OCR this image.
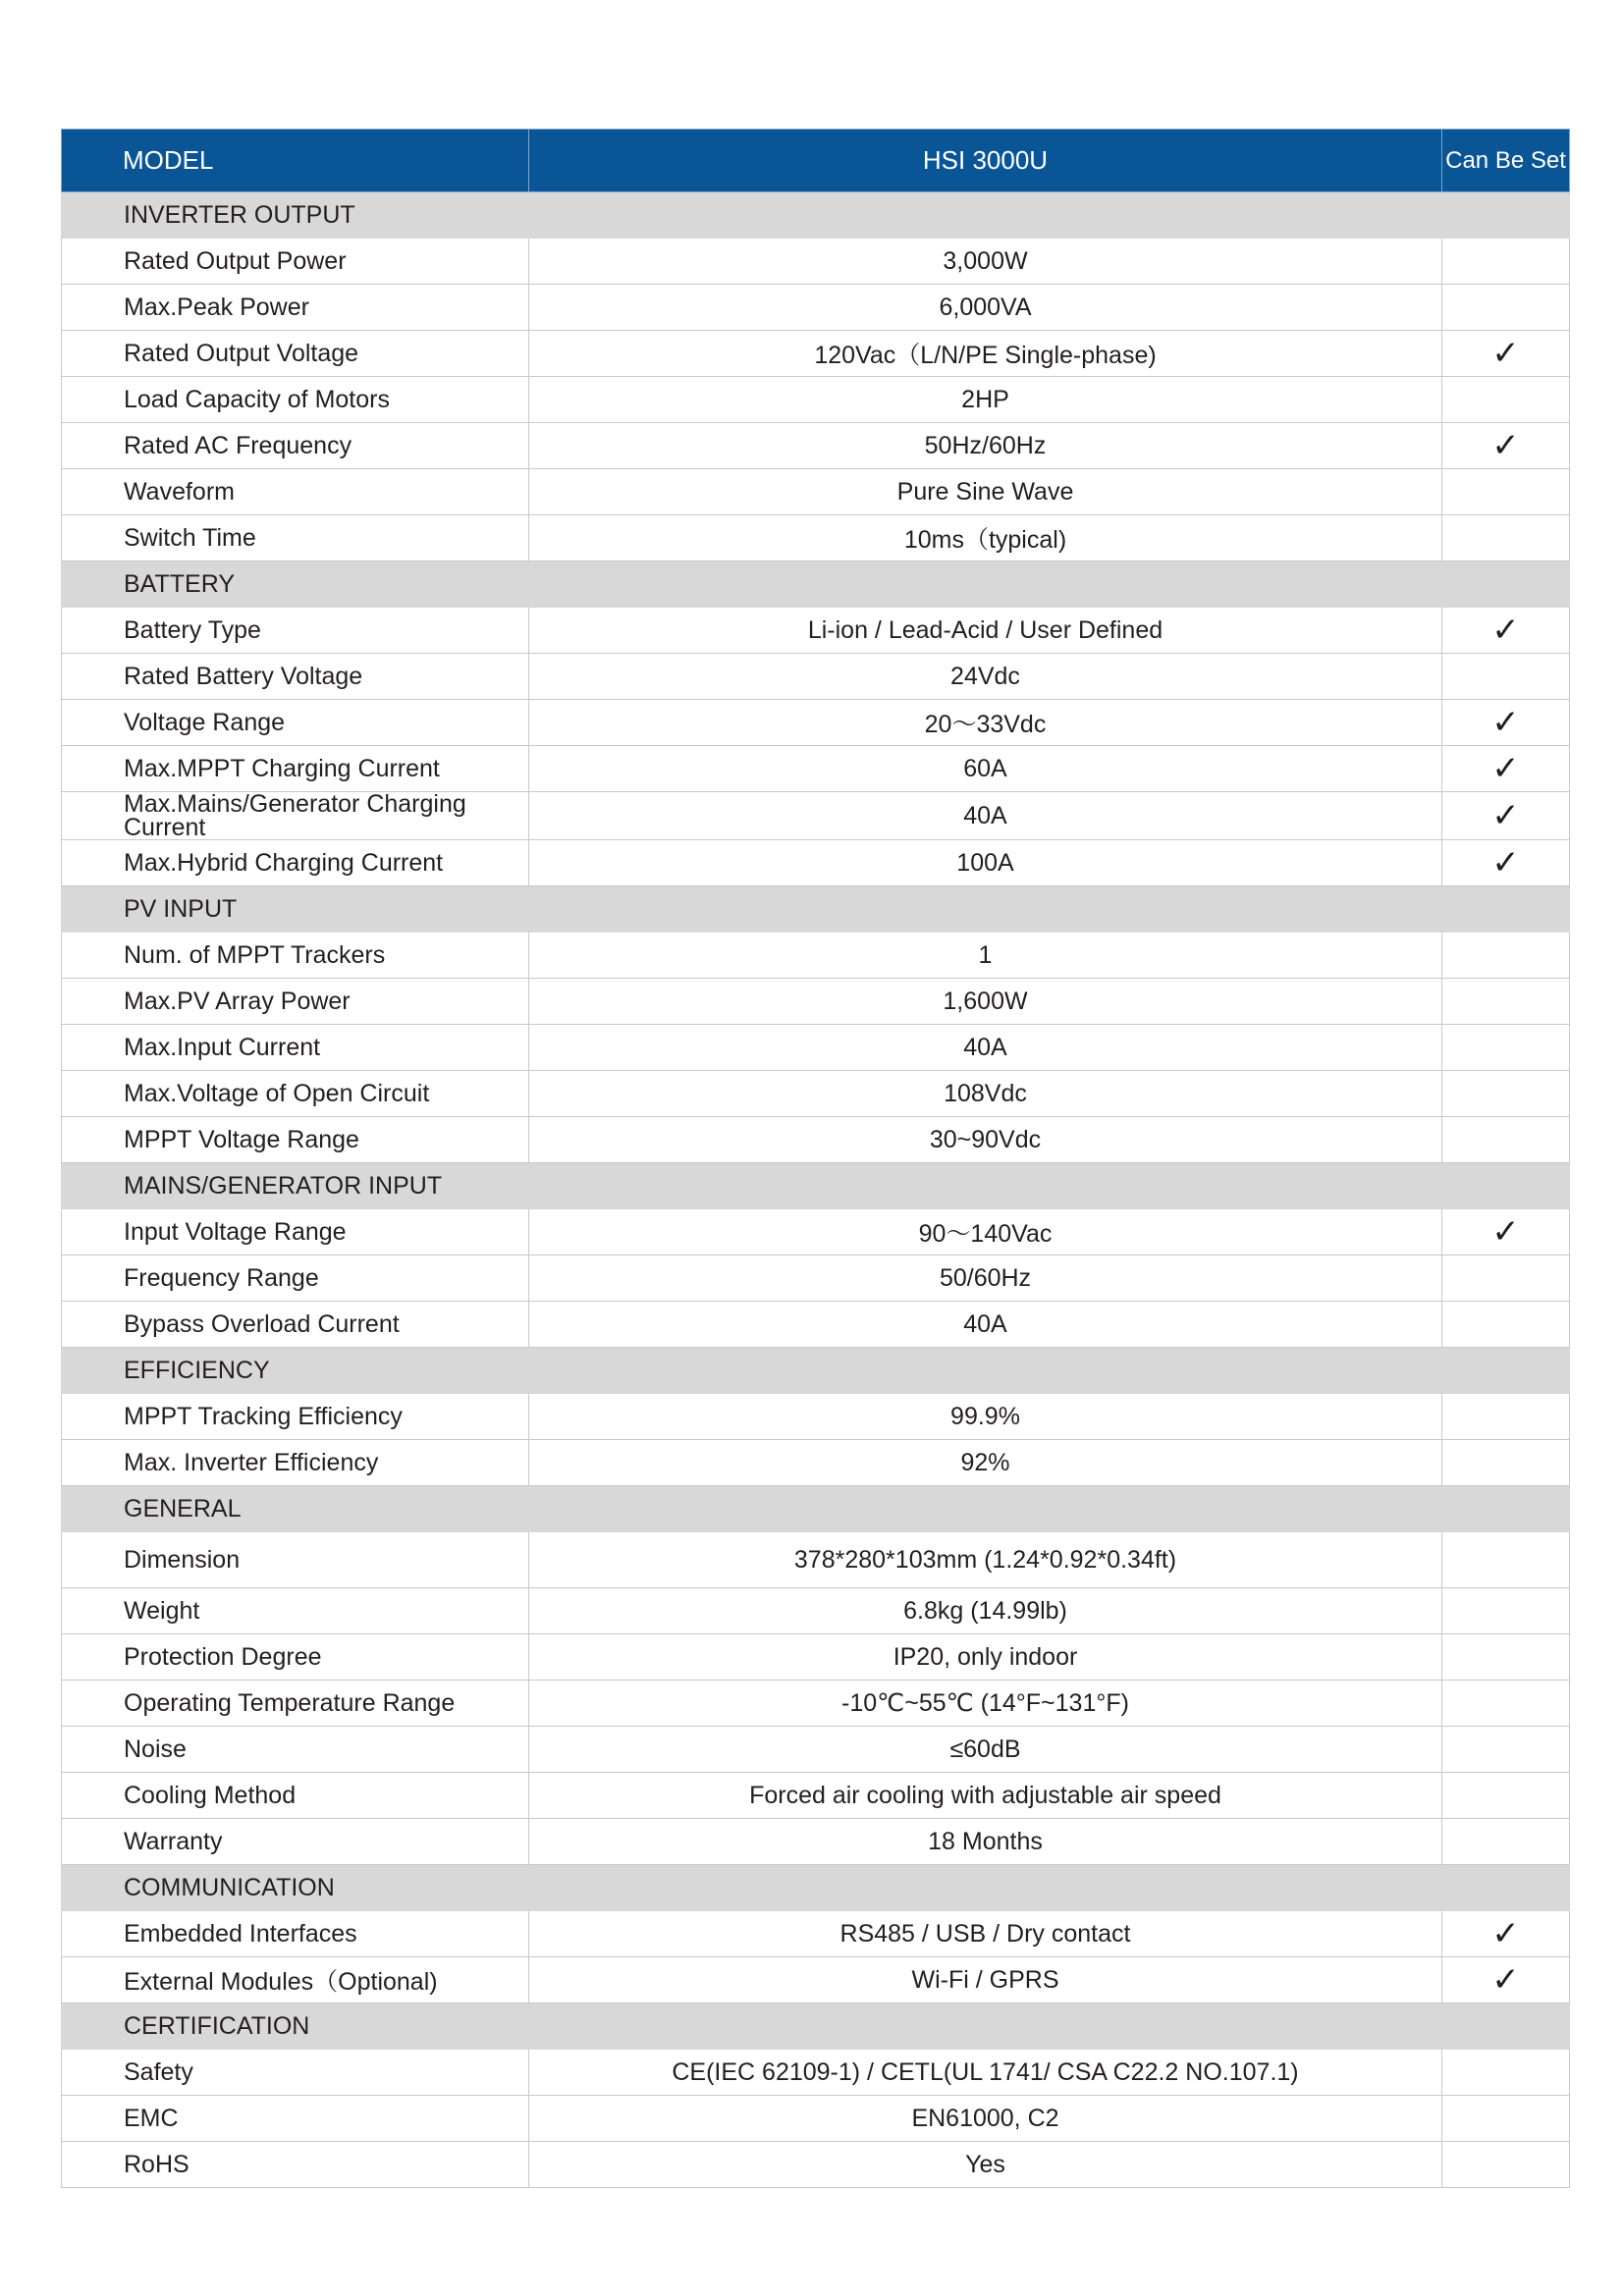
MODEL	HSI 3000U	Can Be Set
INVERTER OUTPUT		
Rated Output Power	3,000W	
Max.Peak Power	6,000VA	
Rated Output Voltage	120Vac（L/N/PE Single-phase)	✓
Load Capacity of Motors	2HP	
Rated AC Frequency	50Hz/60Hz	✓
Waveform	Pure Sine Wave	
Switch Time	10ms（typical)	
BATTERY		
Battery Type	Li-ion / Lead-Acid / User Defined	✓
Rated Battery Voltage	24Vdc	
Voltage Range	20～33Vdc	✓
Max.MPPT Charging Current	60A	✓
Max.Mains/Generator Charging Current	40A	✓
Max.Hybrid Charging Current	100A	✓
PV INPUT		
Num. of MPPT Trackers	1	
Max.PV Array Power	1,600W	
Max.Input Current	40A	
Max.Voltage of Open Circuit	108Vdc	
MPPT Voltage Range	30~90Vdc	
MAINS/GENERATOR INPUT		
Input Voltage Range	90～140Vac	✓
Frequency Range	50/60Hz	
Bypass Overload Current	40A	
EFFICIENCY		
MPPT Tracking Efficiency	99.9%	
Max. Inverter Efficiency	92%	
GENERAL		
Dimension	378*280*103mm (1.24*0.92*0.34ft)	
Weight	6.8kg (14.99lb)	
Protection Degree	IP20, only indoor	
Operating Temperature Range	-10℃~55℃ (14°F~131°F)	
Noise	≤60dB	
Cooling Method	Forced air cooling with adjustable air speed	
Warranty	18 Months	
COMMUNICATION		
Embedded Interfaces	RS485 / USB / Dry contact	✓
External Modules（Optional)	Wi-Fi / GPRS	✓
CERTIFICATION		
Safety	CE(IEC 62109-1) / CETL(UL 1741/ CSA C22.2 NO.107.1)	
EMC	EN61000, C2	
RoHS	Yes	
